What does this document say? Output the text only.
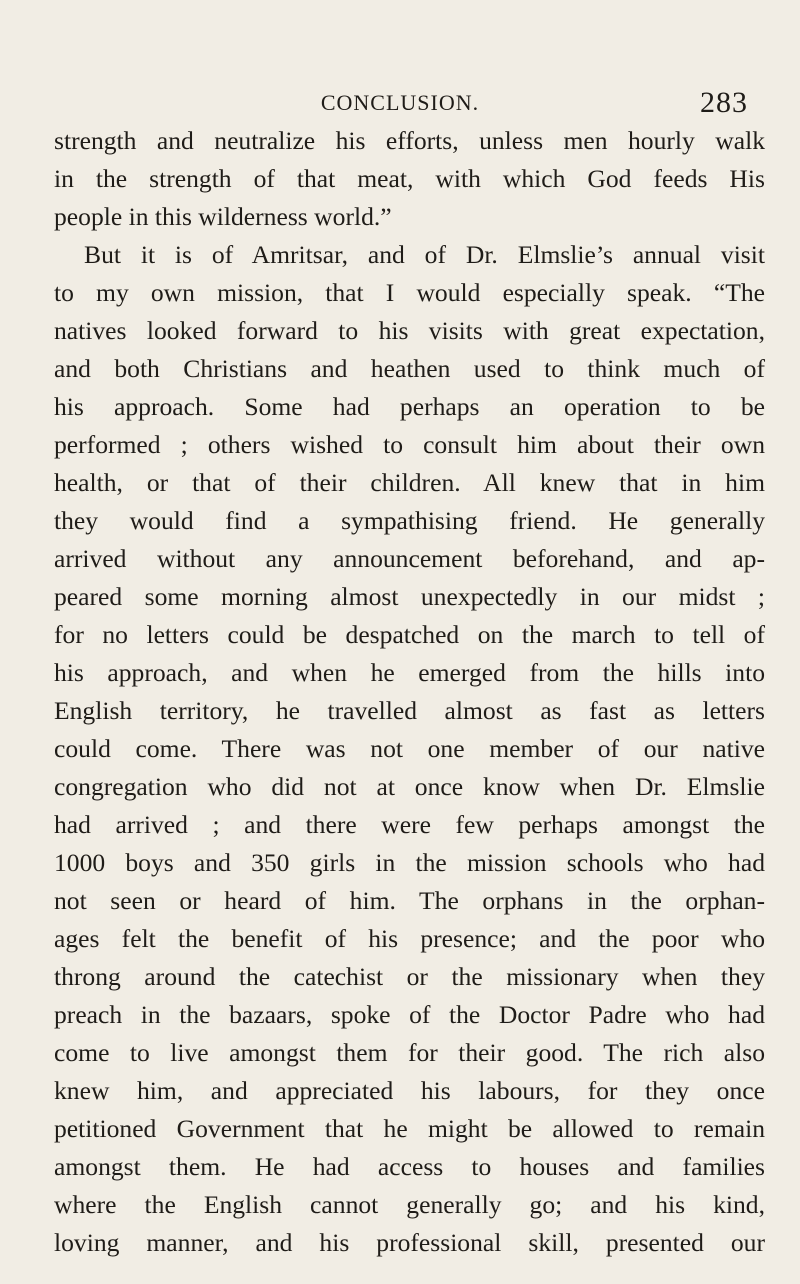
CONCLUSION.	283
strength and neutralize his efforts, unless men hourly walk
in the strength of that meat, with which God feeds His
people in this wilderness world.”
But it is of Amritsar, and of Dr. Elmslie’s annual visit
to my own mission, that I would especially speak. “The
natives looked forward to his visits with great expectation,
and both Christians and heathen used to think much of
his approach. Some had perhaps an operation to be
performed ; others wished to consult him about their own
health, or that of their children. All knew that in him
they would find a sympathising friend. He generally
arrived without any announcement beforehand, and ap-
peared some morning almost unexpectedly in our midst ;
for no letters could be despatched on the march to tell of
his approach, and when he emerged from the hills into
English territory, he travelled almost as fast as letters
could come. There was not one member of our native
congregation who did not at once know when Dr. Elmslie
had arrived ; and there were few perhaps amongst the
1000 boys and 350 girls in the mission schools who had
not seen or heard of him. The orphans in the orphan-
ages felt the benefit of his presence; and the poor who
throng around the catechist or the missionary when they
preach in the bazaars, spoke of the Doctor Padre who had
come to live amongst them for their good. The rich also
knew him, and appreciated his labours, for they once
petitioned Government that he might be allowed to remain
amongst them. He had access to houses and families
where the English cannot generally go; and his kind,
loving manner, and his professional skill, presented our
